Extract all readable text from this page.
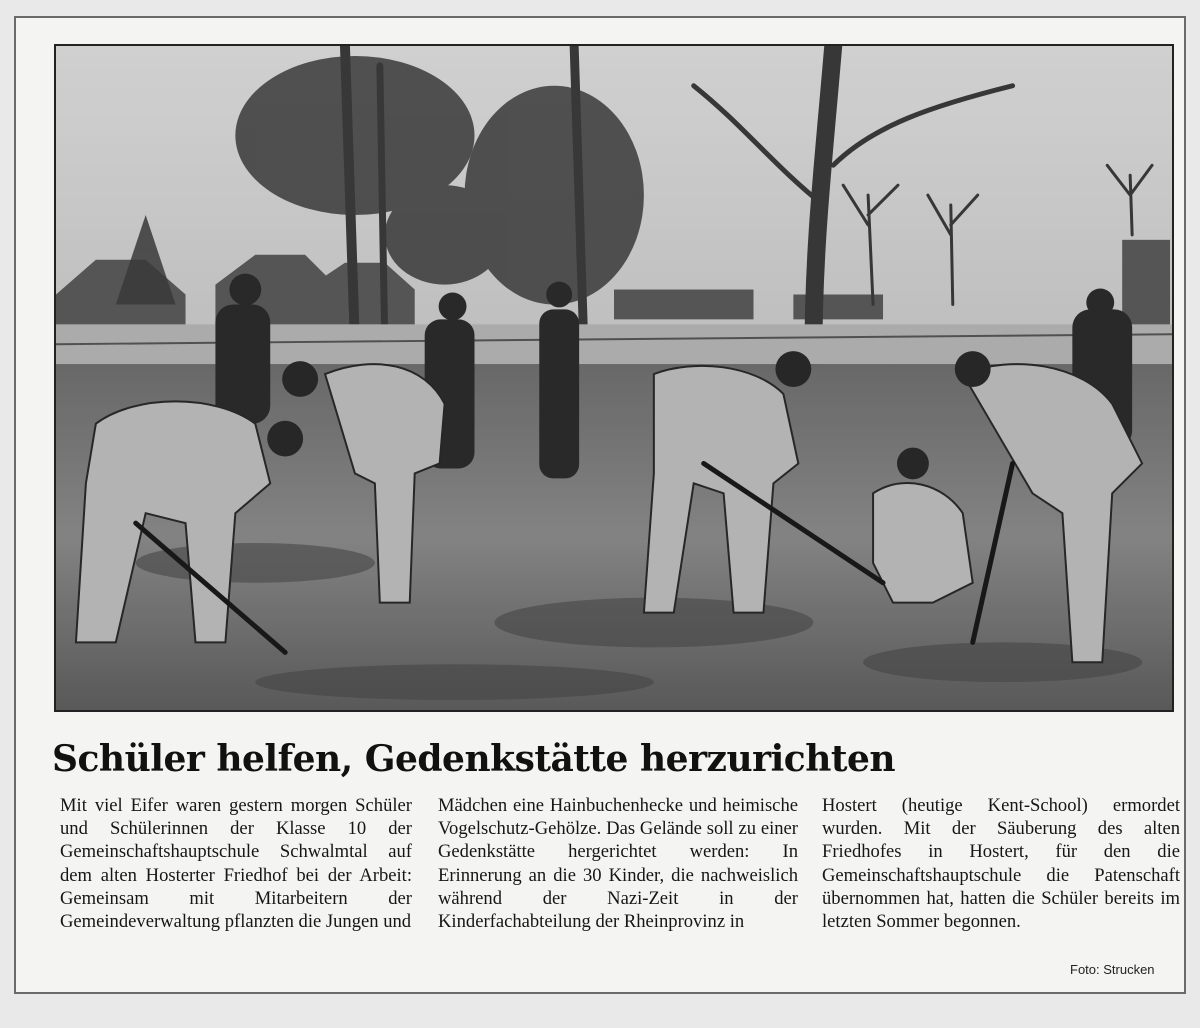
Schüler helfen, Gedenkstätte herzurichten

Mit viel Eifer waren gestern morgen Schüler und Schülerinnen der Klasse 10 der Gemeinschaftshauptschule Schwalmtal auf dem alten Hosterter Friedhof bei der Arbeit: Gemeinsam mit Mitarbeitern der Gemeindeverwaltung pflanzten die Jungen und

Mädchen eine Hainbuchenhecke und heimische Vogelschutz-Gehölze. Das Gelände soll zu einer Gedenkstätte hergerichtet werden: In Erinnerung an die 30 Kinder, die nachweislich während der Nazi-Zeit in der Kinderfachabteilung der Rheinprovinz in

Hostert (heutige Kent-School) ermordet wurden. Mit der Säuberung des alten Friedhofes in Hostert, für den die Gemeinschaftshauptschule die Patenschaft übernommen hat, hatten die Schüler bereits im letzten Sommer begonnen.

Foto: Strucken
